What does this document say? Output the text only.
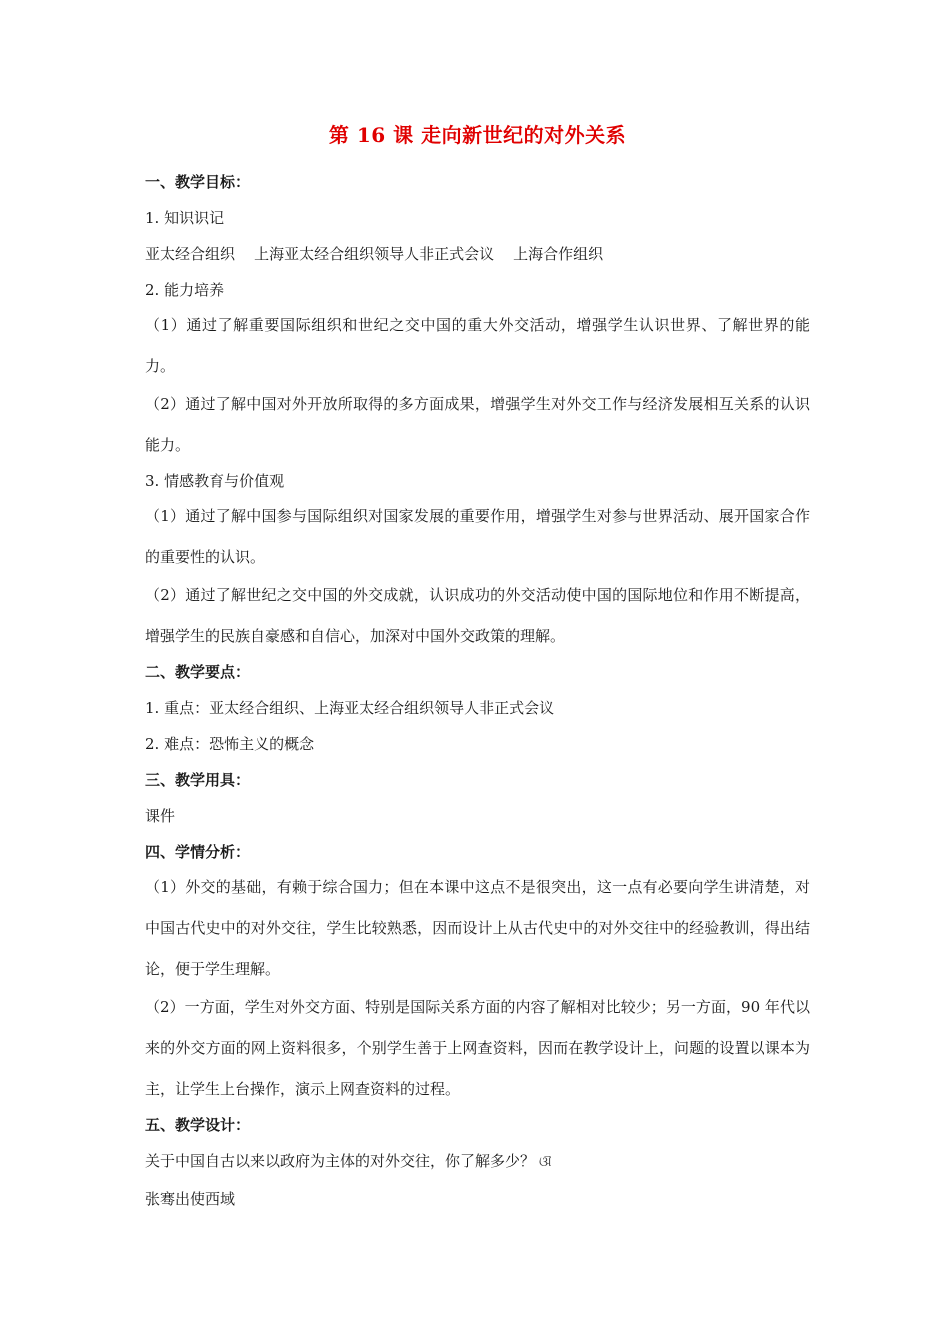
第 16 课 走向新世纪的对外关系
一、教学目标：
1. 知识识记
亚太经合组织    上海亚太经合组织领导人非正式会议    上海合作组织
2. 能力培养
（1）通过了解重要国际组织和世纪之交中国的重大外交活动，增强学生认识世界、了解世界的能力。
（2）通过了解中国对外开放所取得的多方面成果，增强学生对外交工作与经济发展相互关系的认识能力。
3. 情感教育与价值观
（1）通过了解中国参与国际组织对国家发展的重要作用，增强学生对参与世界活动、展开国家合作的重要性的认识。
（2）通过了解世纪之交中国的外交成就，认识成功的外交活动使中国的国际地位和作用不断提高，增强学生的民族自豪感和自信心，加深对中国外交政策的理解。
二、教学要点：
1. 重点：亚太经合组织、上海亚太经合组织领导人非正式会议
2. 难点：恐怖主义的概念
三、教学用具：
课件
四、学情分析：
（1）外交的基础，有赖于综合国力；但在本课中这点不是很突出，这一点有必要向学生讲清楚，对中国古代史中的对外交往，学生比较熟悉，因而设计上从古代史中的对外交往中的经验教训，得出结论，便于学生理解。
（2）一方面，学生对外交方面、特别是国际关系方面的内容了解相对比较少；另一方面，90 年代以来的外交方面的网上资料很多，个别学生善于上网查资料，因而在教学设计上，问题的设置以课本为主，让学生上台操作，演示上网查资料的过程。
五、教学设计：
关于中国自古以来以政府为主体的对外交往，你了解多少？ ଔ
张骞出使西域
